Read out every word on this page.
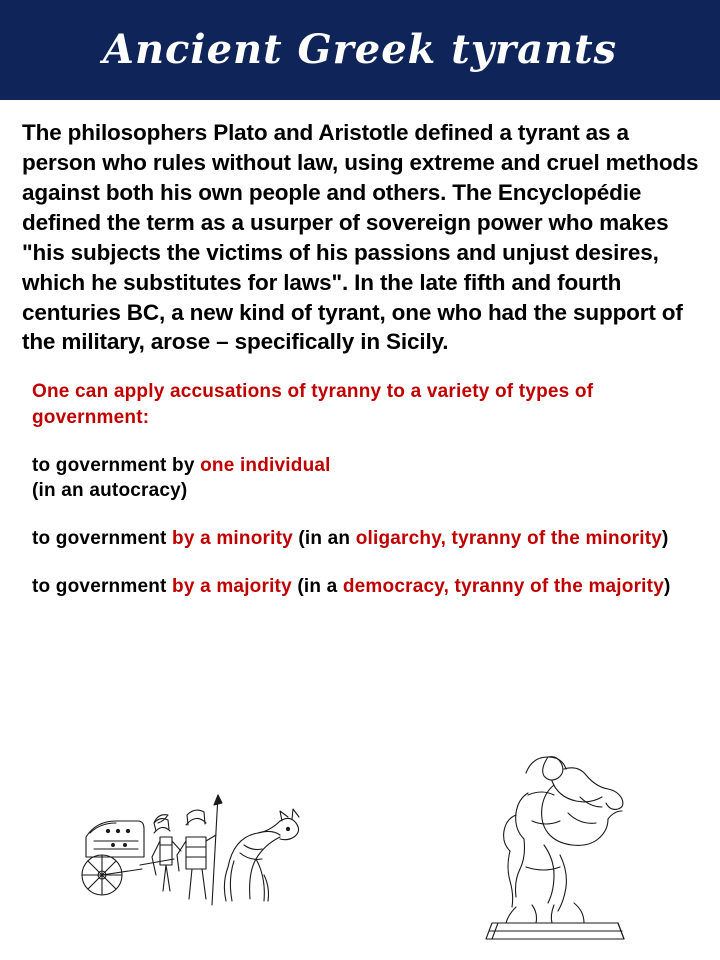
Ancient Greek tyrants
The philosophers Plato and Aristotle defined a tyrant as a person who rules without law, using extreme and cruel methods against both his own people and others. The Encyclopédie defined the term as a usurper of sovereign power who makes "his subjects the victims of his passions and unjust desires, which he substitutes for laws". In the late fifth and fourth centuries BC, a new kind of tyrant, one who had the support of the military, arose – specifically in Sicily.
One can apply accusations of tyranny to a variety of types of government:
to government by one individual
(in an autocracy)
to government by a minority (in an oligarchy, tyranny of the minority)
to government by a majority (in a democracy, tyranny of the majority)
